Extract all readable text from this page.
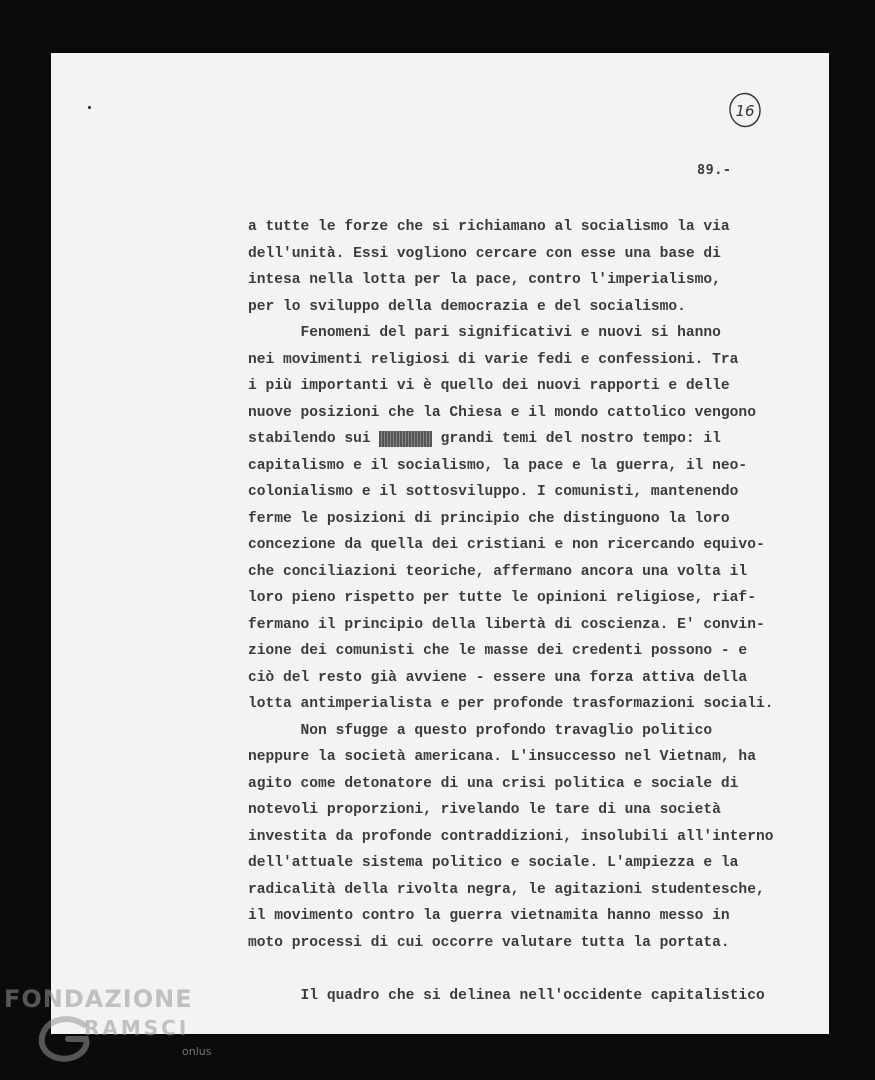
16
89.-
a tutte le forze che si richiamano al socialismo la via
dell'unità. Essi vogliono cercare con esse una base di
intesa nella lotta per la pace, contro l'imperialismo,
per lo sviluppo della democrazia e del socialismo.
Fenomeni del pari significativi e nuovi si hanno
nei movimenti religiosi di varie fedi e confessioni. Tra
i più importanti vi è quello dei nuovi rapporti e delle
nuove posizioni che la Chiesa e il mondo cattolico vengono
stabilendo sui	grandi temi del nostro tempo: il
capitalismo e il socialismo, la pace e la guerra, il neo-
colonialismo e il sottosviluppo. I comunisti, mantenendo
ferme le posizioni di principio che distinguono la loro
concezione da quella dei cristiani e non ricercando equivo-
che conciliazioni teoriche, affermano ancora una volta il
loro pieno rispetto per tutte le opinioni religiose, riaf-
fermano il principio della libertà di coscienza. E' convin-
zione dei comunisti che le masse dei credenti possono - e
ciò del resto già avviene - essere una forza attiva della
lotta antimperialista e per profonde trasformazioni sociali.
Non sfugge a questo profondo travaglio politico
neppure la società americana. L'insuccesso nel Vietnam, ha
agito come detonatore di una crisi politica e sociale di
notevoli proporzioni, rivelando le tare di una società
investita da profonde contraddizioni, insolubili all'interno
dell'attuale sistema politico e sociale. L'ampiezza e la
radicalità della rivolta negra, le agitazioni studentesche,
il movimento contro la guerra vietnamita hanno messo in
moto processi di cui occorre valutare tutta la portata.
Il quadro che si delinea nell'occidente capitalistico
FONDAZIONE
RAMSCI
onlus
